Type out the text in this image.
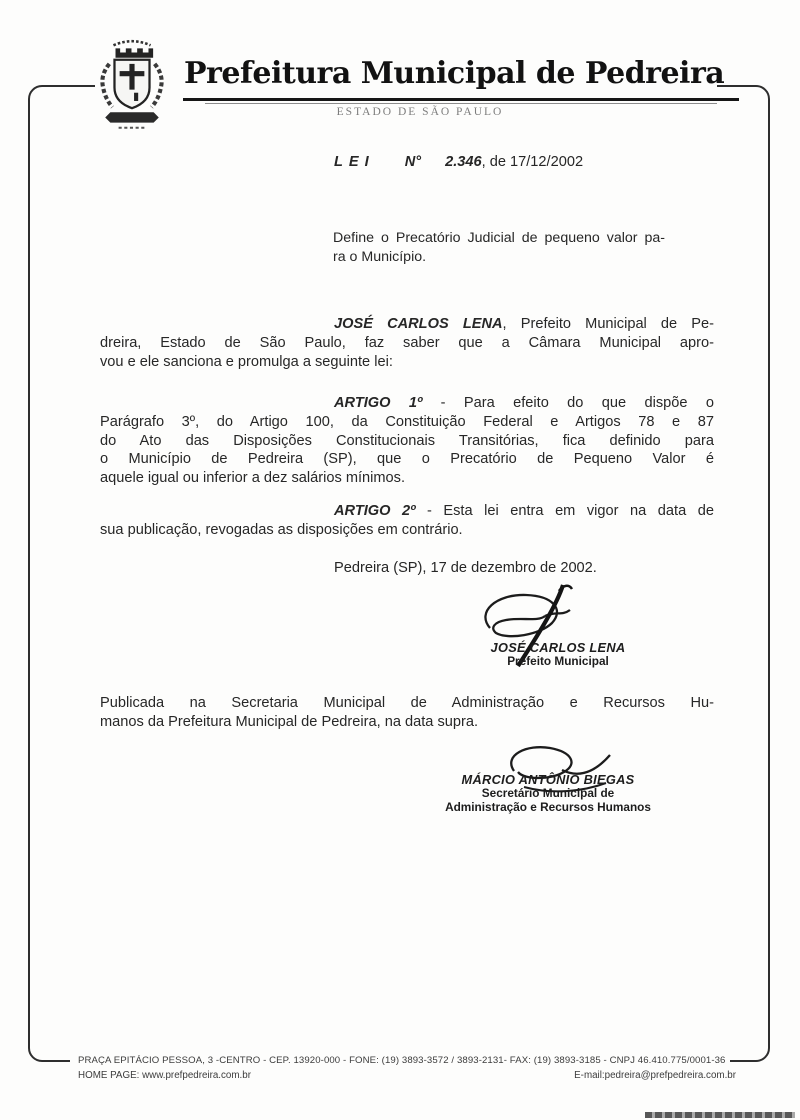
Prefeitura Municipal de Pedreira
ESTADO DE SÃO PAULO
LEI N° 2.346, de 17/12/2002
Define o Precatório Judicial de pequeno valor pa-
ra o Município.
JOSÉ CARLOS LENA, Prefeito Municipal de Pe-
dreira, Estado de São Paulo, faz saber que a Câmara Municipal apro-
vou e ele sanciona e promulga a seguinte lei:
ARTIGO 1º - Para efeito do que dispõe o
Parágrafo 3º, do Artigo 100, da Constituição Federal e Artigos 78 e 87
do Ato das Disposições Constitucionais Transitórias, fica definido para
o Município de Pedreira (SP), que o Precatório de Pequeno Valor é
aquele igual ou inferior a dez salários mínimos.
ARTIGO 2º - Esta lei entra em vigor na data de
sua publicação, revogadas as disposições em contrário.
Pedreira (SP), 17 de dezembro de 2002.
JOSÉ CARLOS LENA
Prefeito Municipal
Publicada na Secretaria Municipal de Administração e Recursos Hu-
manos da Prefeitura Municipal de Pedreira, na data supra.
MÁRCIO ANTÔNIO BIEGAS
Secretário Municipal de
Administração e Recursos Humanos
PRAÇA EPITÁCIO PESSOA, 3 -CENTRO - CEP. 13920-000 - FONE: (19) 3893-3572 / 3893-2131- FAX: (19) 3893-3185 - CNPJ 46.410.775/0001-36
HOME PAGE: www.prefpedreira.com.br	E-mail:pedreira@prefpedreira.com.br
